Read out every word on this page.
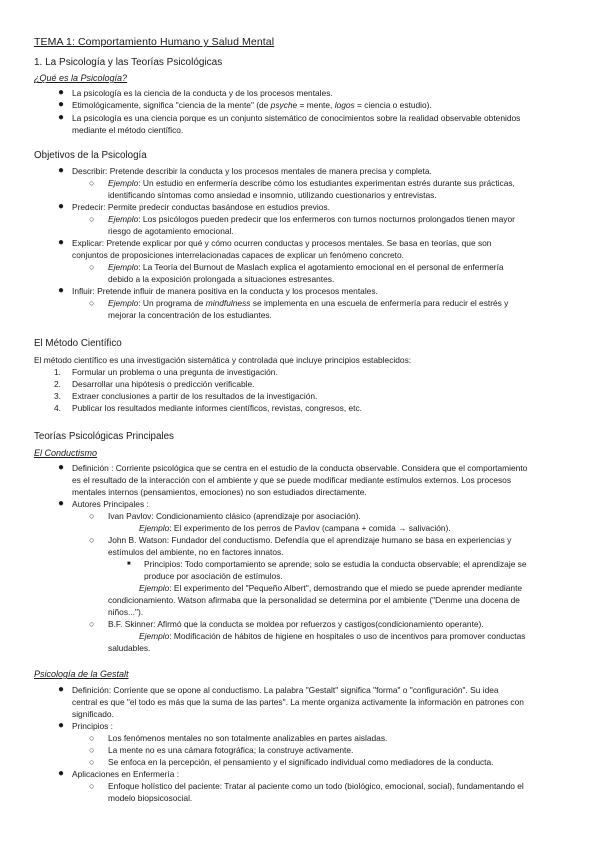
TEMA 1: Comportamiento Humano y Salud Mental
1. La Psicología y las Teorías Psicológicas
¿Qué es la Psicología?
● La psicología es la ciencia de la conducta y de los procesos mentales.
● Etimológicamente, significa "ciencia de la mente" (de psyche = mente, logos = ciencia o estudio).
● La psicología es una ciencia porque es un conjunto sistemático de conocimientos sobre la realidad observable obtenidos
mediante el método científico.
Objetivos de la Psicología
● Describir: Pretende describir la conducta y los procesos mentales de manera precisa y completa.
○ Ejemplo: Un estudio en enfermería describe cómo los estudiantes experimentan estrés durante sus prácticas,
identificando síntomas como ansiedad e insomnio, utilizando cuestionarios y entrevistas.
● Predecir: Permite predecir conductas basándose en estudios previos.
○ Ejemplo: Los psicólogos pueden predecir que los enfermeros con turnos nocturnos prolongados tienen mayor
riesgo de agotamiento emocional.
● Explicar: Pretende explicar por qué y cómo ocurren conductas y procesos mentales. Se basa en teorías, que son
conjuntos de proposiciones interrelacionadas capaces de explicar un fenómeno concreto.
○ Ejemplo: La Teoría del Burnout de Maslach explica el agotamiento emocional en el personal de enfermería
debido a la exposición prolongada a situaciones estresantes.
● Influir: Pretende influir de manera positiva en la conducta y los procesos mentales.
○ Ejemplo: Un programa de mindfulness se implementa en una escuela de enfermería para reducir el estrés y
mejorar la concentración de los estudiantes.
El Método Científico
El método científico es una investigación sistemática y controlada que incluye principios establecidos:
1. Formular un problema o una pregunta de investigación.
2. Desarrollar una hipótesis o predicción verificable.
3. Extraer conclusiones a partir de los resultados de la investigación.
4. Publicar los resultados mediante informes científicos, revistas, congresos, etc.
Teorías Psicológicas Principales
El Conductismo
● Definición : Corriente psicológica que se centra en el estudio de la conducta observable. Considera que el comportamiento
es el resultado de la interacción con el ambiente y que se puede modificar mediante estímulos externos. Los procesos
mentales internos (pensamientos, emociones) no son estudiados directamente.
● Autores Principales :
○ Ivan Pavlov: Condicionamiento clásico (aprendizaje por asociación).
Ejemplo: El experimento de los perros de Pavlov (campana + comida → salivación).
○ John B. Watson: Fundador del conductismo. Defendía que el aprendizaje humano se basa en experiencias y
estímulos del ambiente, no en factores innatos.
■ Principios: Todo comportamiento se aprende; solo se estudia la conducta observable; el aprendizaje se
produce por asociación de estímulos.
Ejemplo: El experimento del "Pequeño Albert", demostrando que el miedo se puede aprender mediante
condicionamiento. Watson afirmaba que la personalidad se determina por el ambiente ("Denme una docena de
niños...").
○ B.F. Skinner: Afirmó que la conducta se moldea por refuerzos y castigos(condicionamiento operante).
Ejemplo: Modificación de hábitos de higiene en hospitales o uso de incentivos para promover conductas
saludables.
Psicología de la Gestalt
● Definición: Corriente que se opone al conductismo. La palabra "Gestalt" significa "forma" o "configuración". Su idea
central es que "el todo es más que la suma de las partes". La mente organiza activamente la información en patrones con
significado.
● Principios :
○ Los fenómenos mentales no son totalmente analizables en partes aisladas.
○ La mente no es una cámara fotográfica; la construye activamente.
○ Se enfoca en la percepción, el pensamiento y el significado individual como mediadores de la conducta.
● Aplicaciones en Enfermería :
○ Enfoque holístico del paciente: Tratar al paciente como un todo (biológico, emocional, social), fundamentando el
modelo biopsicosocial.
